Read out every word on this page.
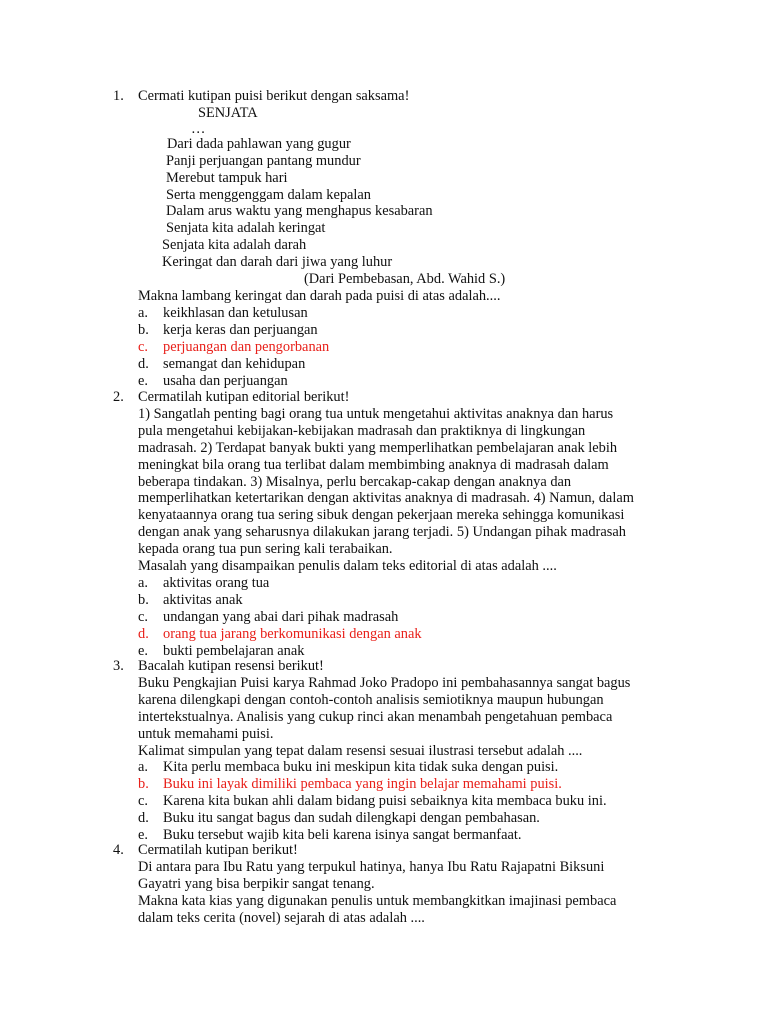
1. Cermati kutipan puisi berikut dengan saksama!
SENJATA
…
Dari dada pahlawan yang gugur
Panji perjuangan pantang mundur
Merebut tampuk hari
Serta menggenggam dalam kepalan
Dalam arus waktu yang menghapus kesabaran
Senjata kita adalah keringat
Senjata kita adalah darah
Keringat dan darah dari jiwa yang luhur
(Dari Pembebasan, Abd. Wahid S.)
Makna lambang keringat dan darah pada puisi di atas adalah....
a.	keikhlasan dan ketulusan
b. kerja keras dan perjuangan
c.	perjuangan dan pengorbanan
d. semangat dan kehidupan
e.	usaha dan perjuangan
2. Cermatilah kutipan editorial berikut!
1) Sangatlah penting bagi orang tua untuk mengetahui aktivitas anaknya dan harus
pula mengetahui kebijakan-kebijakan madrasah dan praktiknya di lingkungan
madrasah. 2) Terdapat banyak bukti yang memperlihatkan pembelajaran anak lebih
meningkat bila orang tua terlibat dalam membimbing anaknya di madrasah dalam
beberapa tindakan. 3) Misalnya, perlu bercakap-cakap dengan anaknya dan
memperlihatkan ketertarikan dengan aktivitas anaknya di madrasah. 4) Namun, dalam
kenyataannya orang tua sering sibuk dengan pekerjaan mereka sehingga komunikasi
dengan anak yang seharusnya dilakukan jarang terjadi. 5) Undangan pihak madrasah
kepada orang tua pun sering kali terabaikan.
Masalah yang disampaikan penulis dalam teks editorial di atas adalah ....
a.	aktivitas orang tua
b. aktivitas anak
c.	undangan yang abai dari pihak madrasah
d. orang tua jarang berkomunikasi dengan anak
e.	bukti pembelajaran anak
3. Bacalah kutipan resensi berikut!
Buku Pengkajian Puisi karya Rahmad Joko Pradopo ini pembahasannya sangat bagus
karena dilengkapi dengan contoh-contoh analisis semiotiknya maupun hubungan
intertekstualnya. Analisis yang cukup rinci akan menambah pengetahuan pembaca
untuk memahami puisi.
Kalimat simpulan yang tepat dalam resensi sesuai ilustrasi tersebut adalah ....
a.	Kita perlu membaca buku ini meskipun kita tidak suka dengan puisi.
b. Buku ini layak dimiliki pembaca yang ingin belajar memahami puisi.
c.	Karena kita bukan ahli dalam bidang puisi sebaiknya kita membaca buku ini.
d. Buku itu sangat bagus dan sudah dilengkapi dengan pembahasan.
e.	Buku tersebut wajib kita beli karena isinya sangat bermanfaat.
4. Cermatilah kutipan berikut!
Di antara para Ibu Ratu yang terpukul hatinya, hanya Ibu Ratu Rajapatni Biksuni
Gayatri yang bisa berpikir sangat tenang.
Makna kata kias yang digunakan penulis untuk membangkitkan imajinasi pembaca
dalam teks cerita (novel) sejarah di atas adalah ....
